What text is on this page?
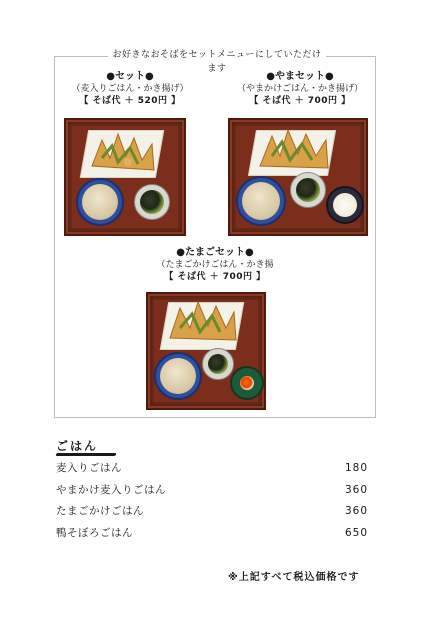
お好きなおそばをセットメニューにしていただけます
●セット●
（麦入りごはん・かき揚げ）
【 そば代 ＋ 520円 】
●やまセット●
（やまかけごはん・かき揚げ）
【 そば代 ＋ 700円 】
●たまごセット●
（たまごかけごはん・かき揚
【 そば代 ＋ 700円 】
ごはん
麦入りごはん	180
やまかけ麦入りごはん	360
たまごかけごはん	360
鴨そぼろごはん	650
※上記すべて税込価格です
